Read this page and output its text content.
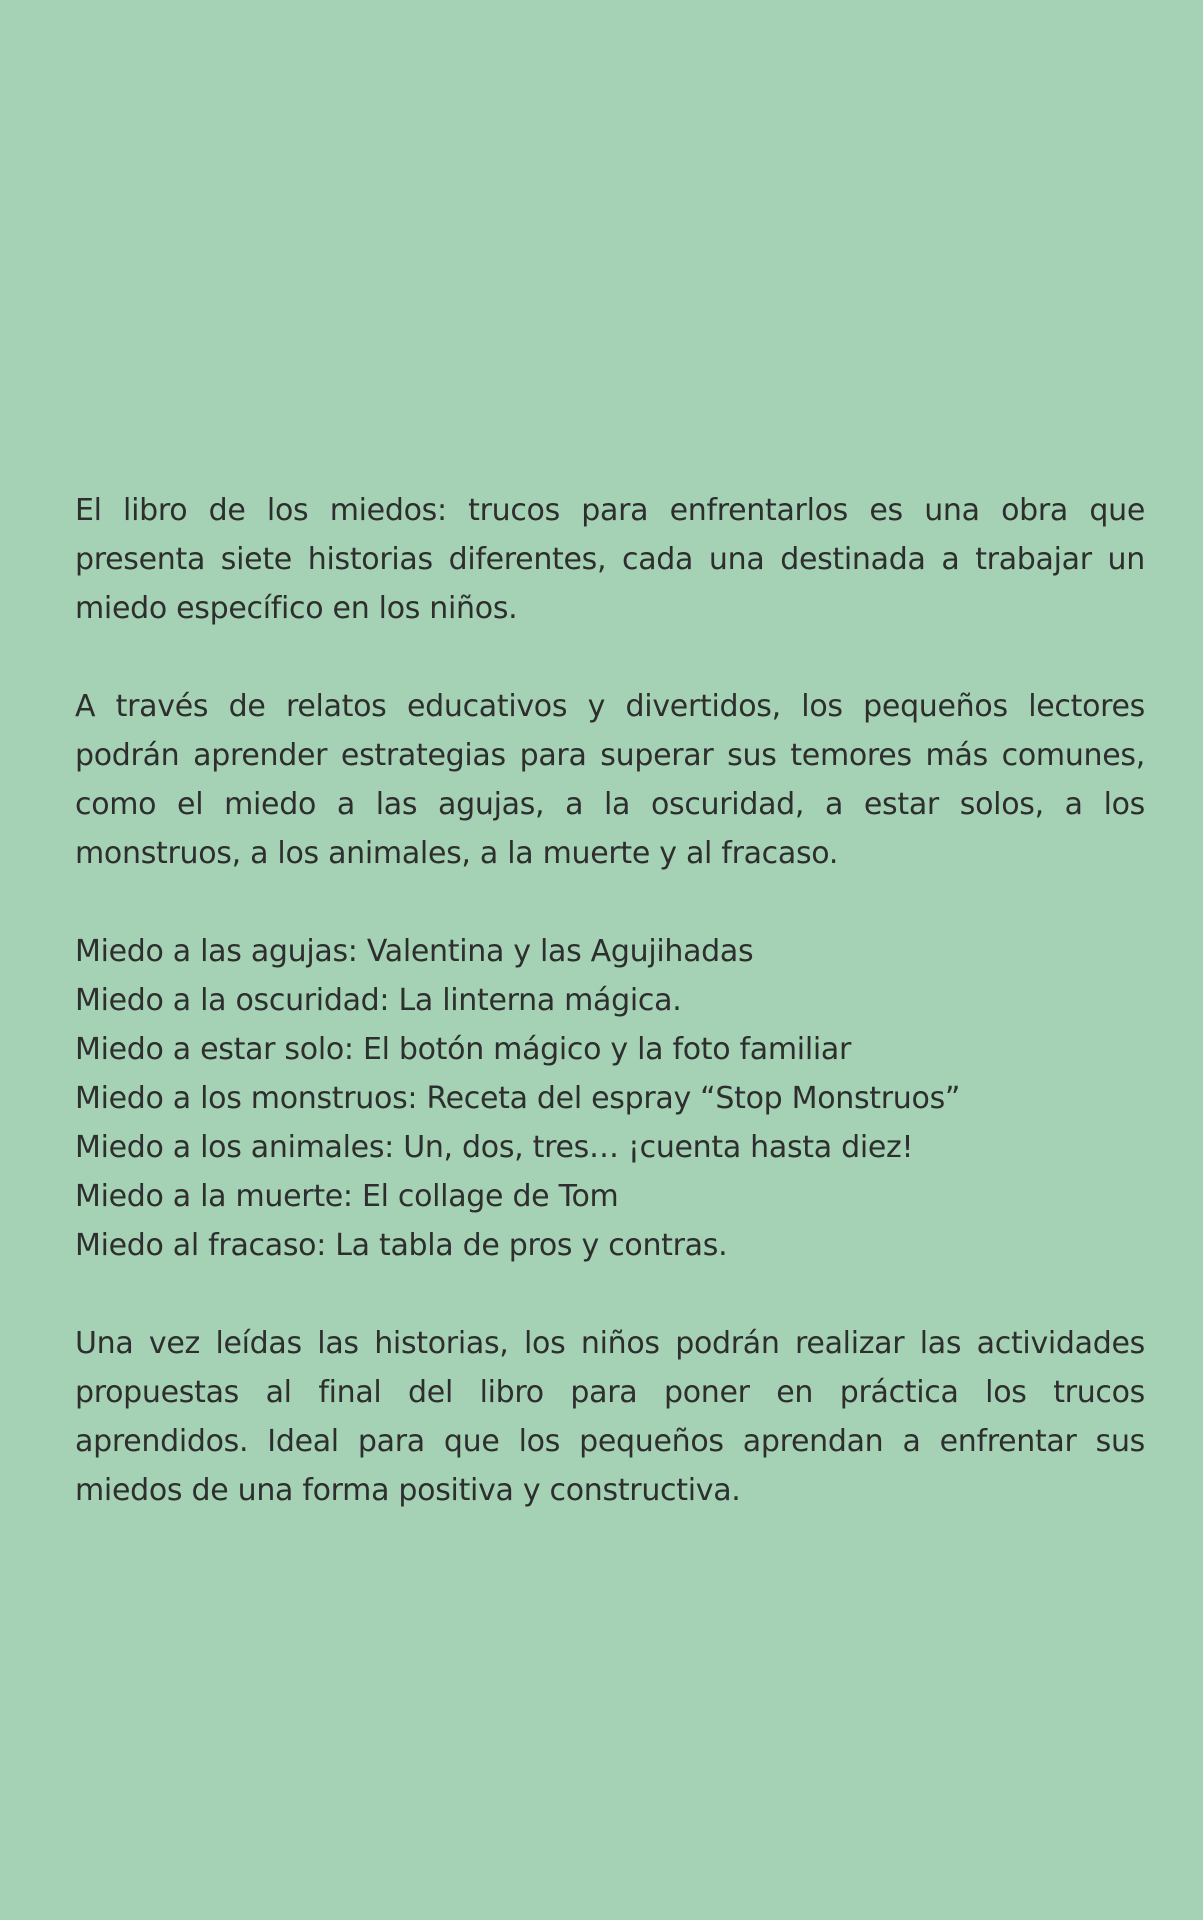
El libro de los miedos: trucos para enfrentarlos es una obra que presenta siete historias diferentes, cada una destinada a trabajar un miedo específico en los niños.

A través de relatos educativos y divertidos, los pequeños lectores podrán aprender estrategias para superar sus temores más comunes, como el miedo a las agujas, a la oscuridad, a estar solos, a los monstruos, a los animales, a la muerte y al fracaso.

Miedo a las agujas: Valentina y las Agujihadas
Miedo a la oscuridad: La linterna mágica.
Miedo a estar solo: El botón mágico y la foto familiar
Miedo a los monstruos: Receta del espray “Stop Monstruos”
Miedo a los animales: Un, dos, tres… ¡cuenta hasta diez!
Miedo a la muerte: El collage de Tom
Miedo al fracaso: La tabla de pros y contras.

Una vez leídas las historias, los niños podrán realizar las actividades propuestas al final del libro para poner en práctica los trucos aprendidos. Ideal para que los pequeños aprendan a enfrentar sus miedos de una forma positiva y constructiva.
